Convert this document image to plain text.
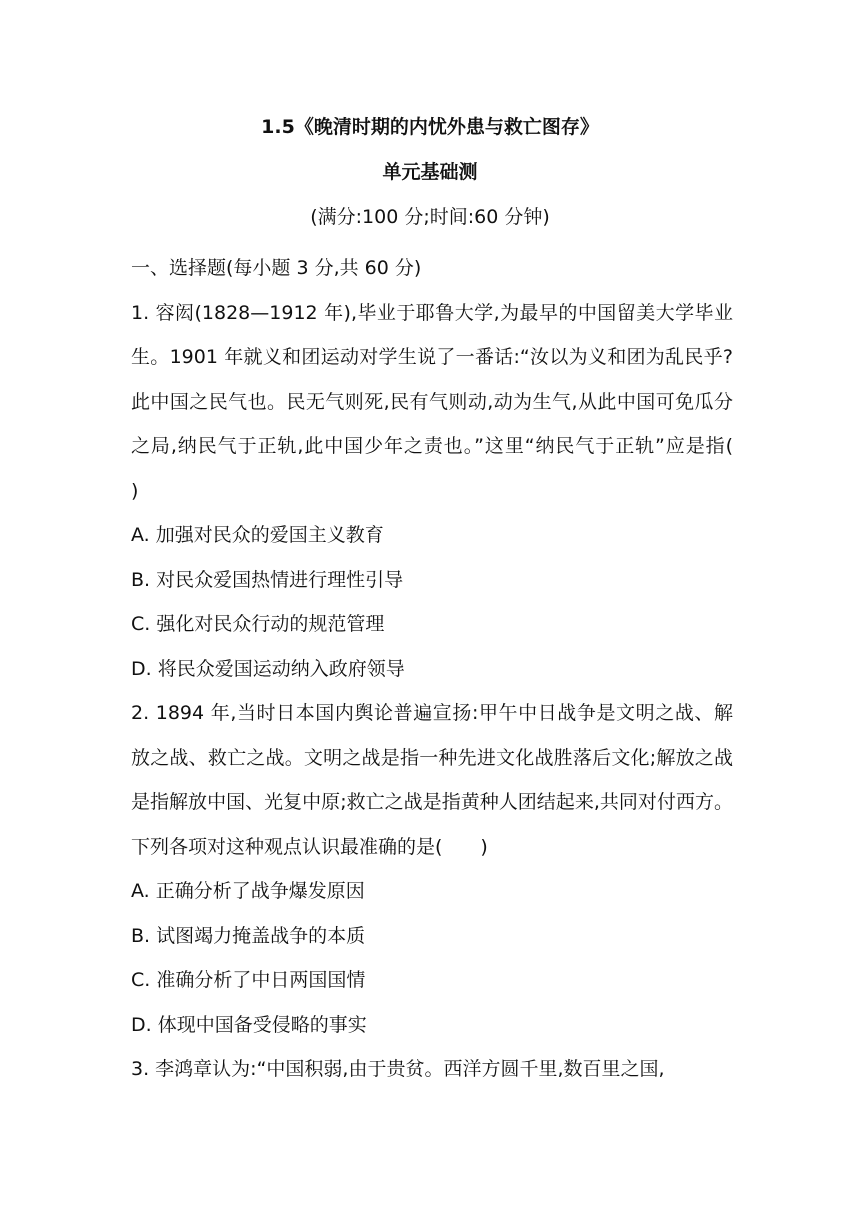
1.5《晚清时期的内忧外患与救亡图存》
单元基础测
(满分:100 分;时间:60 分钟)

一、选择题(每小题 3 分,共 60 分)

1. 容闳(1828—1912 年),毕业于耶鲁大学,为最早的中国留美大学毕业生。1901 年就义和团运动对学生说了一番话:“汝以为义和团为乱民乎?此中国之民气也。民无气则死,民有气则动,动为生气,从此中国可免瓜分之局,纳民气于正轨,此中国少年之责也。”这里“纳民气于正轨”应是指(　　)

A. 加强对民众的爱国主义教育

B. 对民众爱国热情进行理性引导

C. 强化对民众行动的规范管理

D. 将民众爱国运动纳入政府领导

2. 1894 年,当时日本国内舆论普遍宣扬:甲午中日战争是文明之战、解放之战、救亡之战。文明之战是指一种先进文化战胜落后文化;解放之战是指解放中国、光复中原;救亡之战是指黄种人团结起来,共同对付西方。下列各项对这种观点认识最准确的是(　　)

A. 正确分析了战争爆发原因

B. 试图竭力掩盖战争的本质

C. 准确分析了中日两国国情

D. 体现中国备受侵略的事实

3. 李鸿章认为:“中国积弱,由于贵贫。西洋方圆千里,数百里之国,
